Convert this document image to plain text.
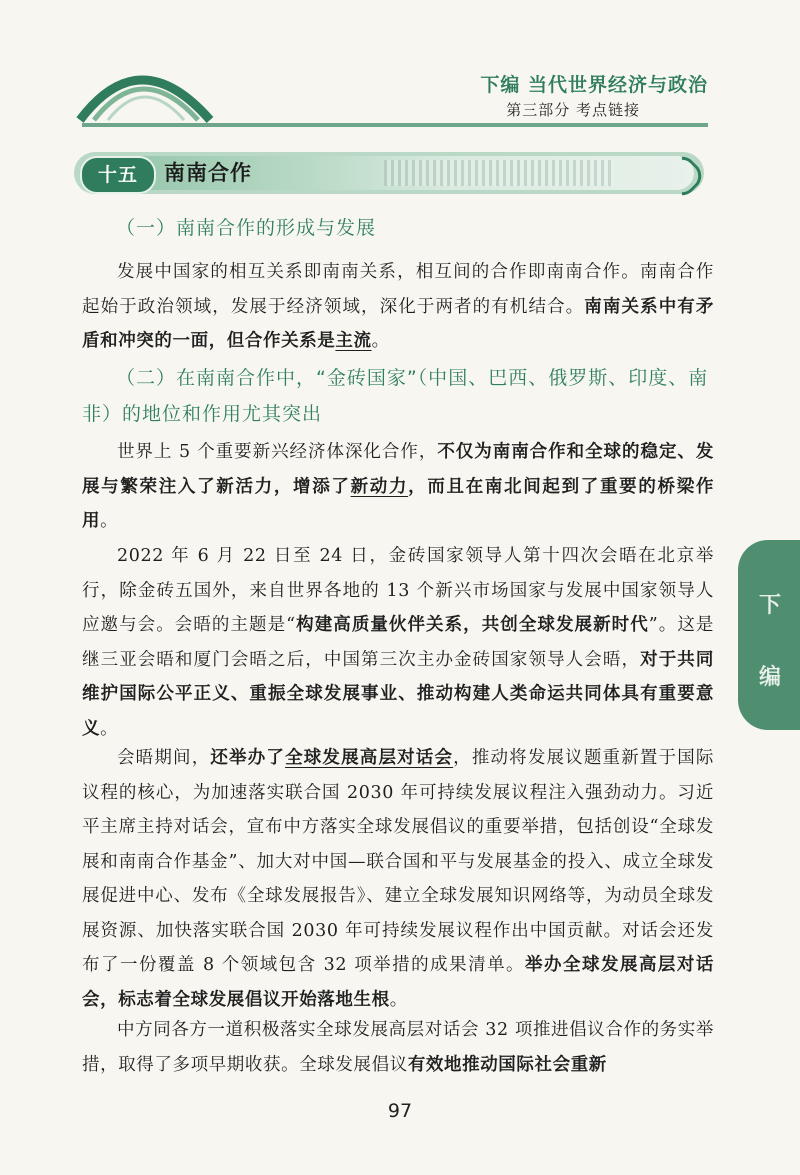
下编 当代世界经济与政治
第三部分 考点链接
十五	南南合作
（一）南南合作的形成与发展
发展中国家的相互关系即南南关系，相互间的合作即南南合作。南南合作起始于政治领域，发展于经济领域，深化于两者的有机结合。南南关系中有矛盾和冲突的一面，但合作关系是主流。
（二）在南南合作中，“金砖国家”（中国、巴西、俄罗斯、印度、南非）的地位和作用尤其突出
世界上 5 个重要新兴经济体深化合作，不仅为南南合作和全球的稳定、发展与繁荣注入了新活力，增添了新动力，而且在南北间起到了重要的桥梁作用。
2022 年 6 月 22 日至 24 日，金砖国家领导人第十四次会晤在北京举行，除金砖五国外，来自世界各地的 13 个新兴市场国家与发展中国家领导人应邀与会。会晤的主题是“构建高质量伙伴关系，共创全球发展新时代”。这是继三亚会晤和厦门会晤之后，中国第三次主办金砖国家领导人会晤，对于共同维护国际公平正义、重振全球发展事业、推动构建人类命运共同体具有重要意义。
会晤期间，还举办了全球发展高层对话会，推动将发展议题重新置于国际议程的核心，为加速落实联合国 2030 年可持续发展议程注入强劲动力。习近平主席主持对话会，宣布中方落实全球发展倡议的重要举措，包括创设“全球发展和南南合作基金”、加大对中国—联合国和平与发展基金的投入、成立全球发展促进中心、发布《全球发展报告》、建立全球发展知识网络等，为动员全球发展资源、加快落实联合国 2030 年可持续发展议程作出中国贡献。对话会还发布了一份覆盖 8 个领域包含 32 项举措的成果清单。举办全球发展高层对话会，标志着全球发展倡议开始落地生根。
中方同各方一道积极落实全球发展高层对话会 32 项推进倡议合作的务实举措，取得了多项早期收获。全球发展倡议有效地推动国际社会重新
下
编
97
